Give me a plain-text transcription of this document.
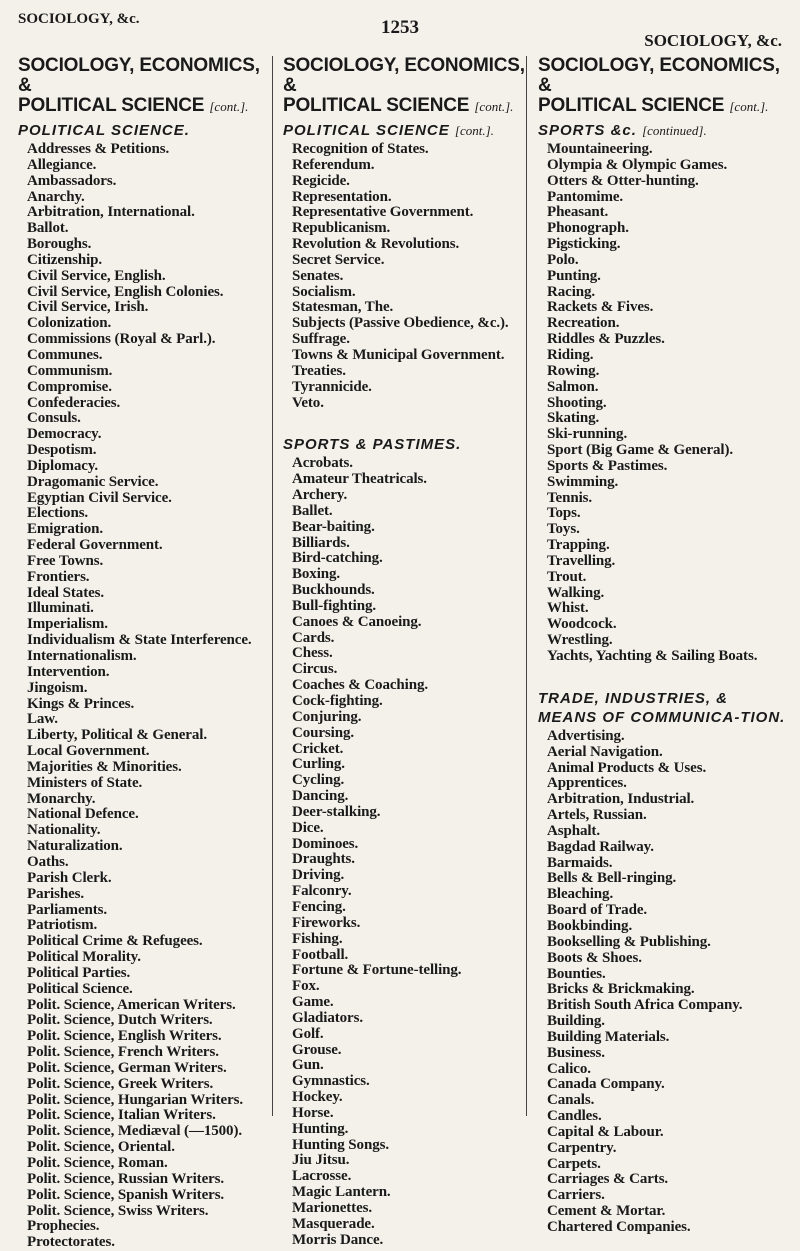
SOCIOLOGY, &c.	1253
SOCIOLOGY, &c.
SOCIOLOGY, ECONOMICS, &
POLITICAL SCIENCE [cont.].
POLITICAL SCIENCE.
Addresses & Petitions.
Allegiance.
Ambassadors.
Anarchy.
Arbitration, International.
Ballot.
Boroughs.
Citizenship.
Civil Service, English.
Civil Service, English Colonies.
Civil Service, Irish.
Colonization.
Commissions (Royal & Parl.).
Communes.
Communism.
Compromise.
Confederacies.
Consuls.
Democracy.
Despotism.
Diplomacy.
Dragomanic Service.
Egyptian Civil Service.
Elections.
Emigration.
Federal Government.
Free Towns.
Frontiers.
Ideal States.
Illuminati.
Imperialism.
Individualism & State Interference.
Internationalism.
Intervention.
Jingoism.
Kings & Princes.
Law.
Liberty, Political & General.
Local Government.
Majorities & Minorities.
Ministers of State.
Monarchy.
National Defence.
Nationality.
Naturalization.
Oaths.
Parish Clerk.
Parishes.
Parliaments.
Patriotism.
Political Crime & Refugees.
Political Morality.
Political Parties.
Political Science.
Polit. Science, American Writers.
Polit. Science, Dutch Writers.
Polit. Science, English Writers.
Polit. Science, French Writers.
Polit. Science, German Writers.
Polit. Science, Greek Writers.
Polit. Science, Hungarian Writers.
Polit. Science, Italian Writers.
Polit. Science, Mediæval (—1500).
Polit. Science, Oriental.
Polit. Science, Roman.
Polit. Science, Russian Writers.
Polit. Science, Spanish Writers.
Polit. Science, Swiss Writers.
Prophecies.
Protectorates.
SOCIOLOGY, ECONOMICS, &
POLITICAL SCIENCE [cont.].
POLITICAL SCIENCE [cont.].
Recognition of States.
Referendum.
Regicide.
Representation.
Representative Government.
Republicanism.
Revolution & Revolutions.
Secret Service.
Senates.
Socialism.
Statesman, The.
Subjects (Passive Obedience, &c.).
Suffrage.
Towns & Municipal Government.
Treaties.
Tyrannicide.
Veto.
SPORTS & PASTIMES.
Acrobats.
Amateur Theatricals.
Archery.
Ballet.
Bear-baiting.
Billiards.
Bird-catching.
Boxing.
Buckhounds.
Bull-fighting.
Canoes & Canoeing.
Cards.
Chess.
Circus.
Coaches & Coaching.
Cock-fighting.
Conjuring.
Coursing.
Cricket.
Curling.
Cycling.
Dancing.
Deer-stalking.
Dice.
Dominoes.
Draughts.
Driving.
Falconry.
Fencing.
Fireworks.
Fishing.
Football.
Fortune & Fortune-telling.
Fox.
Game.
Gladiators.
Golf.
Grouse.
Gun.
Gymnastics.
Hockey.
Horse.
Hunting.
Hunting Songs.
Jiu Jitsu.
Lacrosse.
Magic Lantern.
Marionettes.
Masquerade.
Morris Dance.
SOCIOLOGY, ECONOMICS, &
POLITICAL SCIENCE [cont.].
SPORTS &c. [continued].
Mountaineering.
Olympia & Olympic Games.
Otters & Otter-hunting.
Pantomime.
Pheasant.
Phonograph.
Pigsticking.
Polo.
Punting.
Racing.
Rackets & Fives.
Recreation.
Riddles & Puzzles.
Riding.
Rowing.
Salmon.
Shooting.
Skating.
Ski-running.
Sport (Big Game & General).
Sports & Pastimes.
Swimming.
Tennis.
Tops.
Toys.
Trapping.
Travelling.
Trout.
Walking.
Whist.
Woodcock.
Wrestling.
Yachts, Yachting & Sailing Boats.
TRADE, INDUSTRIES, & MEANS OF COMMUNICA-TION.
Advertising.
Aerial Navigation.
Animal Products & Uses.
Apprentices.
Arbitration, Industrial.
Artels, Russian.
Asphalt.
Bagdad Railway.
Barmaids.
Bells & Bell-ringing.
Bleaching.
Board of Trade.
Bookbinding.
Bookselling & Publishing.
Boots & Shoes.
Bounties.
Bricks & Brickmaking.
British South Africa Company.
Building.
Building Materials.
Business.
Calico.
Canada Company.
Canals.
Candles.
Capital & Labour.
Carpentry.
Carpets.
Carriages & Carts.
Carriers.
Cement & Mortar.
Chartered Companies.
